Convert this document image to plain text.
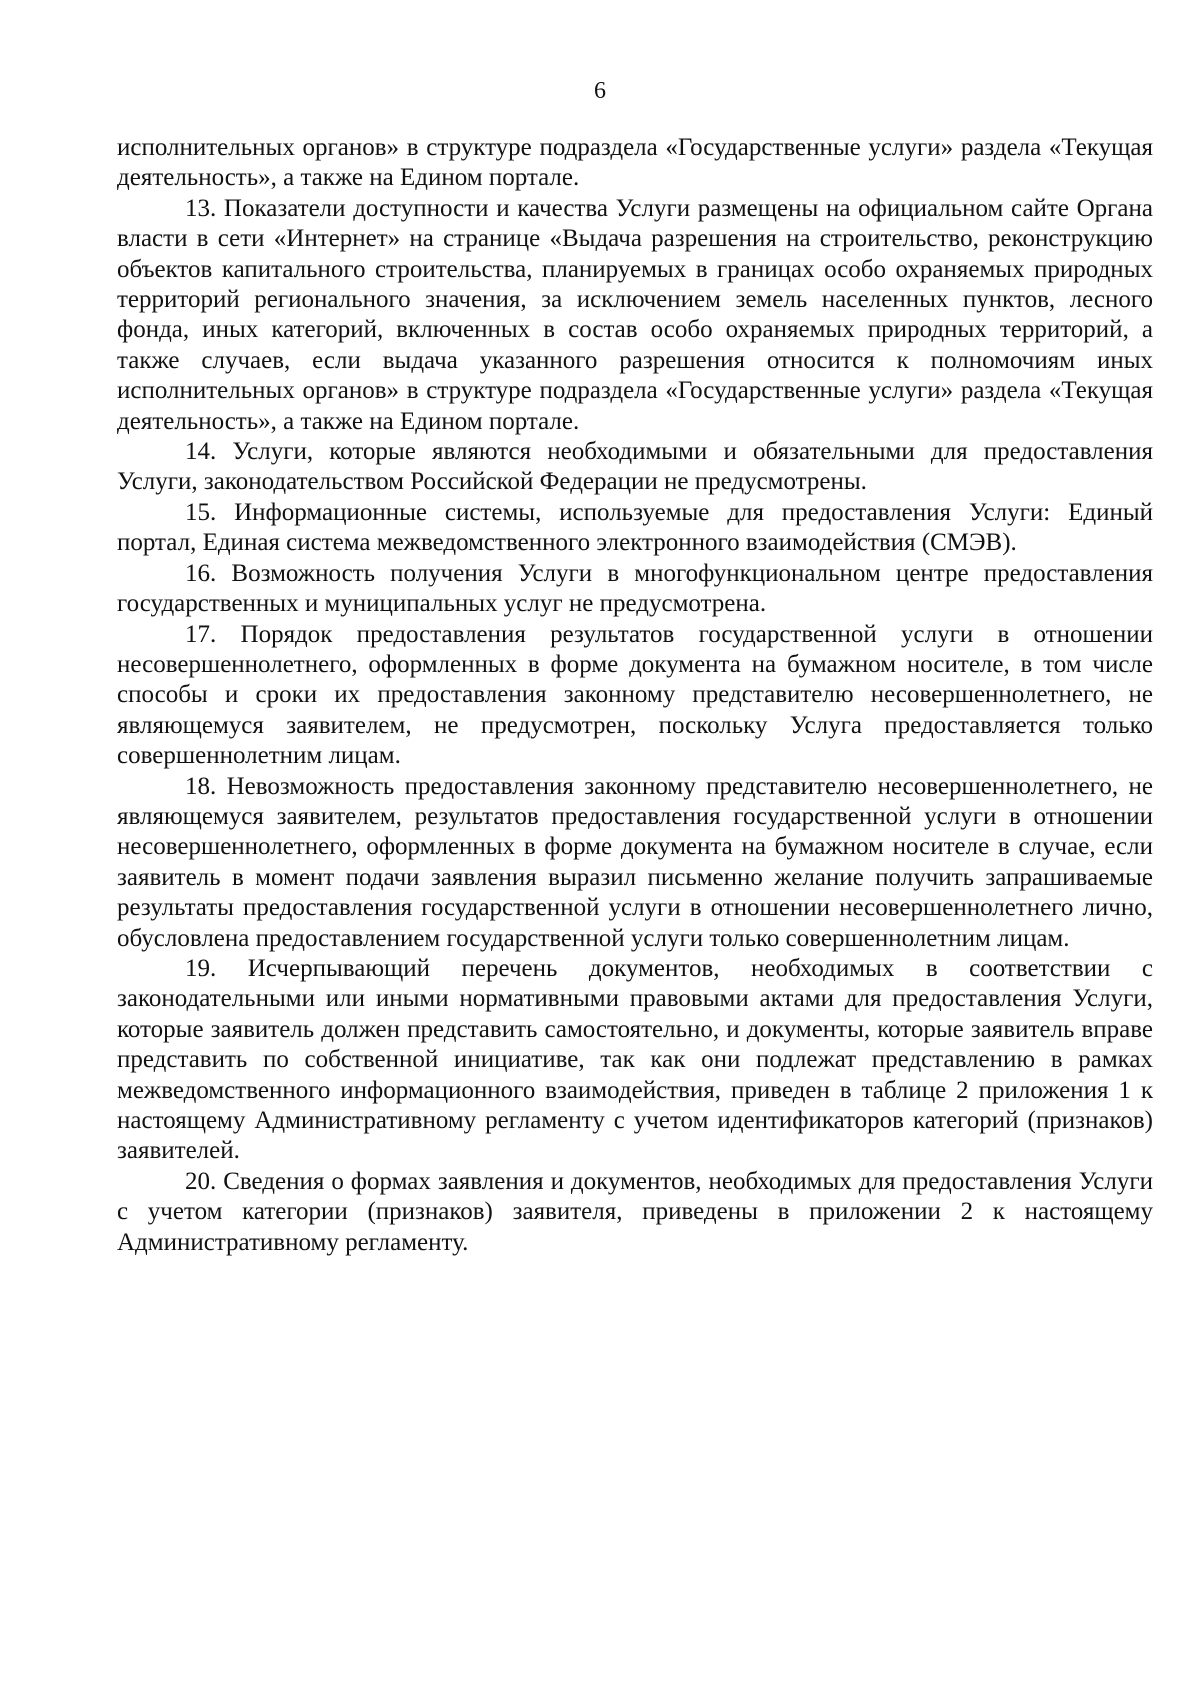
6

исполнительных органов» в структуре подраздела «Государственные услуги» раздела «Текущая деятельность», а также на Едином портале.

13. Показатели доступности и качества Услуги размещены на официальном сайте Органа власти в сети «Интернет» на странице «Выдача разрешения на строительство, реконструкцию объектов капитального строительства, планируемых в границах особо охраняемых природных территорий регионального значения, за исключением земель населенных пунктов, лесного фонда, иных категорий, включенных в состав особо охраняемых природных территорий, а также случаев, если выдача указанного разрешения относится к полномочиям иных исполнительных органов» в структуре подраздела «Государственные услуги» раздела «Текущая деятельность», а также на Едином портале.

14. Услуги, которые являются необходимыми и обязательными для предоставления Услуги, законодательством Российской Федерации не предусмотрены.

15. Информационные системы, используемые для предоставления Услуги: Единый портал, Единая система межведомственного электронного взаимодействия (СМЭВ).

16. Возможность получения Услуги в многофункциональном центре предоставления государственных и муниципальных услуг не предусмотрена.

17. Порядок предоставления результатов государственной услуги в отношении несовершеннолетнего, оформленных в форме документа на бумажном носителе, в том числе способы и сроки их предоставления законному представителю несовершеннолетнего, не являющемуся заявителем, не предусмотрен, поскольку Услуга предоставляется только совершеннолетним лицам.

18. Невозможность предоставления законному представителю несовершеннолетнего, не являющемуся заявителем, результатов предоставления государственной услуги в отношении несовершеннолетнего, оформленных в форме документа на бумажном носителе в случае, если заявитель в момент подачи заявления выразил письменно желание получить запрашиваемые результаты предоставления государственной услуги в отношении несовершеннолетнего лично, обусловлена предоставлением государственной услуги только совершеннолетним лицам.

19. Исчерпывающий перечень документов, необходимых в соответствии с законодательными или иными нормативными правовыми актами для предоставления Услуги, которые заявитель должен представить самостоятельно, и документы, которые заявитель вправе представить по собственной инициативе, так как они подлежат представлению в рамках межведомственного информационного взаимодействия, приведен в таблице 2 приложения 1 к настоящему Административному регламенту с учетом идентификаторов категорий (признаков) заявителей.

20. Сведения о формах заявления и документов, необходимых для предоставления Услуги с учетом категории (признаков) заявителя, приведены в приложении 2 к настоящему Административному регламенту.
